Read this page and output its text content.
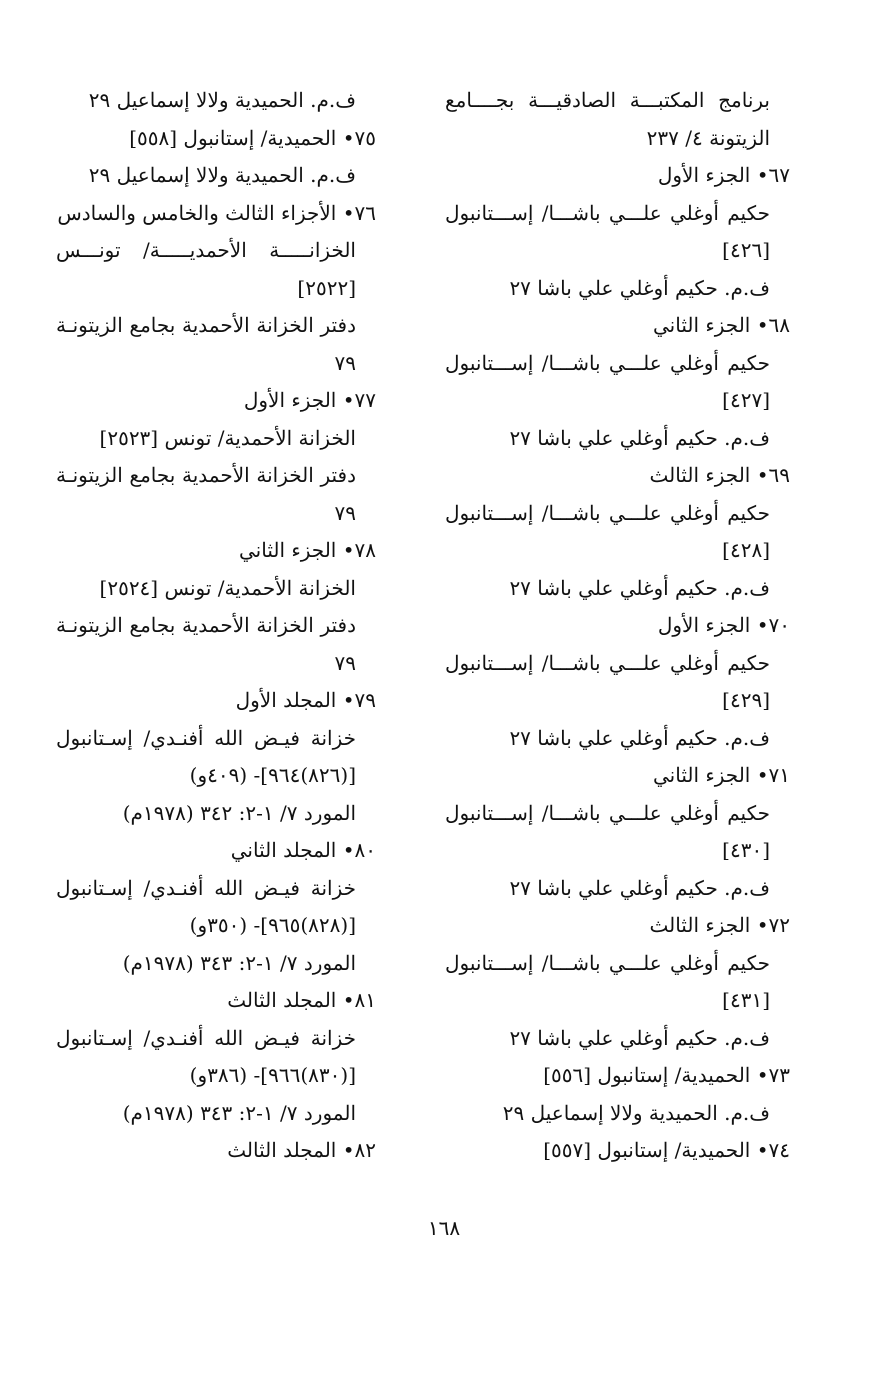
برنامج المكتبـــة الصادقيـــة بجــــامع
الزيتونة ٤/ ٢٣٧
٦٧• الجزء الأول
حكيم أوغلي علـــي باشـــا/ إســـتانبول
[٤٢٦]
ف.م. حكيم أوغلي علي باشا ٢٧
٦٨• الجزء الثاني
حكيم أوغلي علـــي باشـــا/ إســـتانبول
[٤٢٧]
ف.م. حكيم أوغلي علي باشا ٢٧
٦٩• الجزء الثالث
حكيم أوغلي علـــي باشـــا/ إســـتانبول
[٤٢٨]
ف.م. حكيم أوغلي علي باشا ٢٧
٧٠• الجزء الأول
حكيم أوغلي علـــي باشـــا/ إســـتانبول
[٤٢٩]
ف.م. حكيم أوغلي علي باشا ٢٧
٧١• الجزء الثاني
حكيم أوغلي علـــي باشـــا/ إســـتانبول
[٤٣٠]
ف.م. حكيم أوغلي علي باشا ٢٧
٧٢• الجزء الثالث
حكيم أوغلي علـــي باشـــا/ إســـتانبول
[٤٣١]
ف.م. حكيم أوغلي علي باشا ٢٧
٧٣• الحميدية/ إستانبول [٥٥٦]
ف.م. الحميدية ولالا إسماعيل ٢٩
٧٤• الحميدية/ إستانبول [٥٥٧]
ف.م. الحميدية ولالا إسماعيل ٢٩
٧٥• الحميدية/ إستانبول [٥٥٨]
ف.م. الحميدية ولالا إسماعيل ٢٩
٧٦• الأجزاء الثالث والخامس والسادس
الخزانـــــة الأحمديـــــة/ تونـــس
[٢٥٢٢]
دفتر الخزانة الأحمدية بجامع الزيتونـة
٧٩
٧٧• الجزء الأول
الخزانة الأحمدية/ تونس [٢٥٢٣]
دفتر الخزانة الأحمدية بجامع الزيتونـة
٧٩
٧٨• الجزء الثاني
الخزانة الأحمدية/ تونس [٢٥٢٤]
دفتر الخزانة الأحمدية بجامع الزيتونـة
٧٩
٧٩• المجلد الأول
خزانة فيـض الله أفنـدي/ إسـتانبول
[(٨٢٦)٩٦٤]- (٤٠٩و)
المورد ٧/ ١-٢: ٣٤٢ (١٩٧٨م)
٨٠• المجلد الثاني
خزانة فيـض الله أفنـدي/ إسـتانبول
[(٨٢٨)٩٦٥]- (٣٥٠و)
المورد ٧/ ١-٢: ٣٤٣ (١٩٧٨م)
٨١• المجلد الثالث
خزانة فيـض الله أفنـدي/ إسـتانبول
[(٨٣٠)٩٦٦]- (٣٨٦و)
المورد ٧/ ١-٢: ٣٤٣ (١٩٧٨م)
٨٢• المجلد الثالث
١٦٨
